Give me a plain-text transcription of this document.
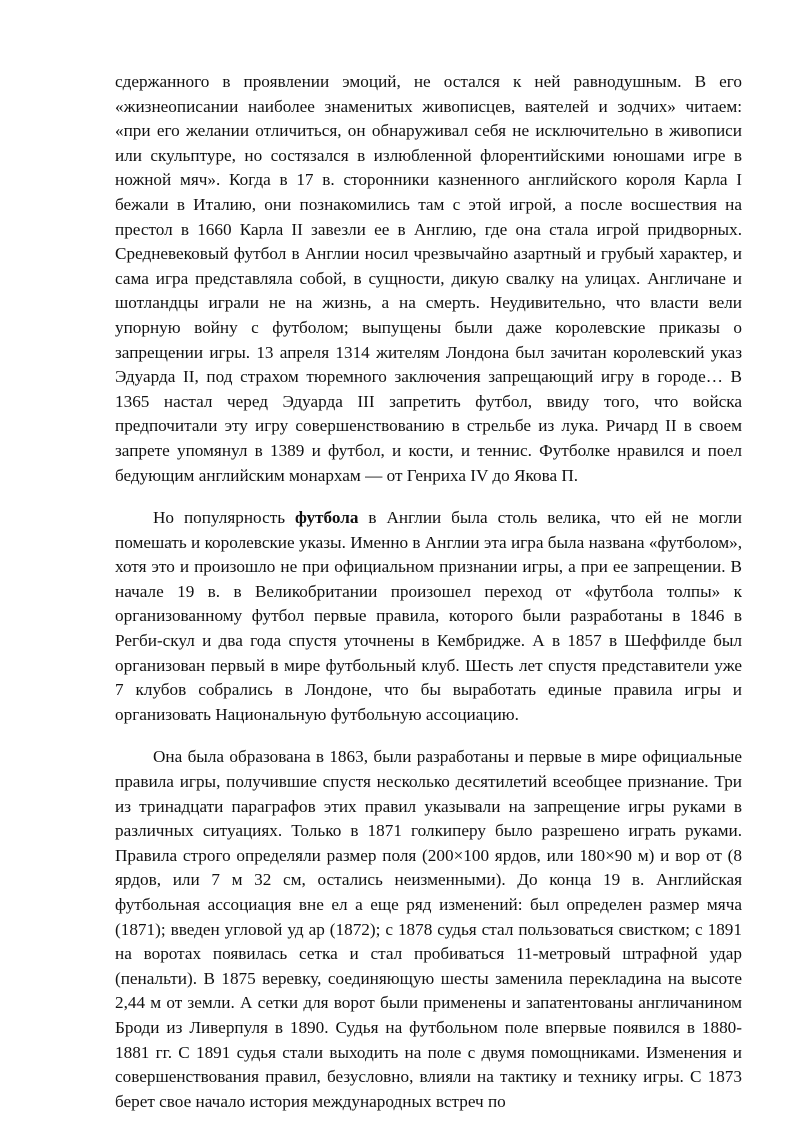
сдержанного в проявлении эмоций, не остался к ней равнодушным. В его «жизнеописании наиболее знаменитых живописцев, ваятелей и зодчих» читаем: «при его желании отличиться, он обнаруживал себя не исключительно в живописи или скульптуре, но состязался в излюбленной флорентийскими юношами игре в ножной мяч». Когда в 17 в. сторонники казненного английского короля Карла I бежали в Италию, они познакомились там с этой игрой, а после восшествия на престол в 1660 Карла II завезли ее в Англию, где она стала игрой придворных. Средневековый футбол в Англии носил чрезвычайно азартный и грубый характер, и сама игра представляла собой, в сущности, дикую свалку на улицах. Англичане и шотландцы играли не на жизнь, а на смерть. Неудивительно, что власти вели упорную войну с футболом; выпущены были даже королевские приказы о запрещении игры. 13 апреля 1314 жителям Лондона был зачитан королевский указ Эдуарда II, под страхом тюремного заключения запрещающий игру в городе… В 1365 настал черед Эдуарда III запретить футбол, ввиду того, что войска предпочитали эту игру совершенствованию в стрельбе из лука. Ричард II в своем запрете упомянул в 1389 и футбол, и кости, и теннис. Футболке нравился и поел бедующим английским монархам — от Генриха IV до Якова П.

Но популярность футбола в Англии была столь велика, что ей не могли помешать и королевские указы. Именно в Англии эта игра была названа «футболом», хотя это и произошло не при официальном признании игры, а при ее запрещении. В начале 19 в. в Великобритании произошел переход от «футбола толпы» к организованному футбол первые правила, которого были разработаны в 1846 в Регби-скул и два года спустя уточнены в Кембридже. А в 1857 в Шеффилде был организован первый в мире футбольный клуб. Шесть лет спустя представители уже 7 клубов собрались в Лондоне, что бы выработать единые правила игры и организовать Национальную футбольную ассоциацию.

Она была образована в 1863, были разработаны и первые в мире официальные правила игры, получившие спустя несколько десятилетий всеобщее признание. Три из тринадцати параграфов этих правил указывали на запрещение игры руками в различных ситуациях. Только в 1871 голкиперу было разрешено играть руками. Правила строго определяли размер поля (200×100 ярдов, или 180×90 м) и вор от (8 ярдов, или 7 м 32 см, остались неизменными). До конца 19 в. Английская футбольная ассоциация вне ел а еще ряд изменений: был определен размер мяча (1871); введен угловой уд ар (1872); с 1878 судья стал пользоваться свистком; с 1891 на воротах появилась сетка и стал пробиваться 11-метровый штрафной удар (пенальти). В 1875 веревку, соединяющую шесты заменила перекладина на высоте 2,44 м от земли. А сетки для ворот были применены и запатентованы англичанином Броди из Ливерпуля в 1890. Судья на футбольном поле впервые появился в 1880-1881 гг. С 1891 судья стали выходить на поле с двумя помощниками. Изменения и совершенствования правил, безусловно, влияли на тактику и технику игры. С 1873 берет свое начало история международных встреч по
